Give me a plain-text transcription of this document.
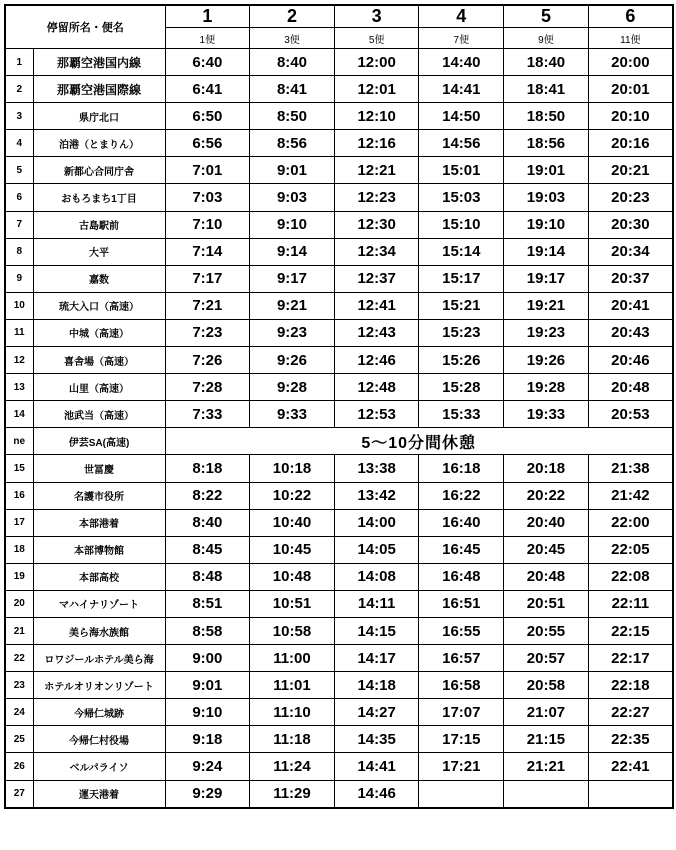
停留所名・便名		1	2	3	4	5	6
		1便	3便	5便	7便	9便	11便
1	那覇空港国内線	6:40	8:40	12:00	14:40	18:40	20:00
2	那覇空港国際線	6:41	8:41	12:01	14:41	18:41	20:01
3	県庁北口	6:50	8:50	12:10	14:50	18:50	20:10
4	泊港（とまりん）	6:56	8:56	12:16	14:56	18:56	20:16
5	新都心合同庁舎	7:01	9:01	12:21	15:01	19:01	20:21
6	おもろまち1丁目	7:03	9:03	12:23	15:03	19:03	20:23
7	古島駅前	7:10	9:10	12:30	15:10	19:10	20:30
8	大平	7:14	9:14	12:34	15:14	19:14	20:34
9	嘉数	7:17	9:17	12:37	15:17	19:17	20:37
10	琉大入口（高速）	7:21	9:21	12:41	15:21	19:21	20:41
11	中城（高速）	7:23	9:23	12:43	15:23	19:23	20:43
12	喜舎場（高速）	7:26	9:26	12:46	15:26	19:26	20:46
13	山里（高速）	7:28	9:28	12:48	15:28	19:28	20:48
14	池武当（高速）	7:33	9:33	12:53	15:33	19:33	20:53
ne	伊芸SA(高速)	5～10分間休憩					
15	世冨慶	8:18	10:18	13:38	16:18	20:18	21:38
16	名護市役所	8:22	10:22	13:42	16:22	20:22	21:42
17	本部港着	8:40	10:40	14:00	16:40	20:40	22:00
18	本部博物館	8:45	10:45	14:05	16:45	20:45	22:05
19	本部高校	8:48	10:48	14:08	16:48	20:48	22:08
20	マハイナリゾート	8:51	10:51	14:11	16:51	20:51	22:11
21	美ら海水族館	8:58	10:58	14:15	16:55	20:55	22:15
22	ロワジールホテル美ら海	9:00	11:00	14:17	16:57	20:57	22:17
23	ホテルオリオンリゾート	9:01	11:01	14:18	16:58	20:58	22:18
24	今帰仁城跡	9:10	11:10	14:27	17:07	21:07	22:27
25	今帰仁村役場	9:18	11:18	14:35	17:15	21:15	22:35
26	ベルパライソ	9:24	11:24	14:41	17:21	21:21	22:41
27	運天港着	9:29	11:29	14:46			
